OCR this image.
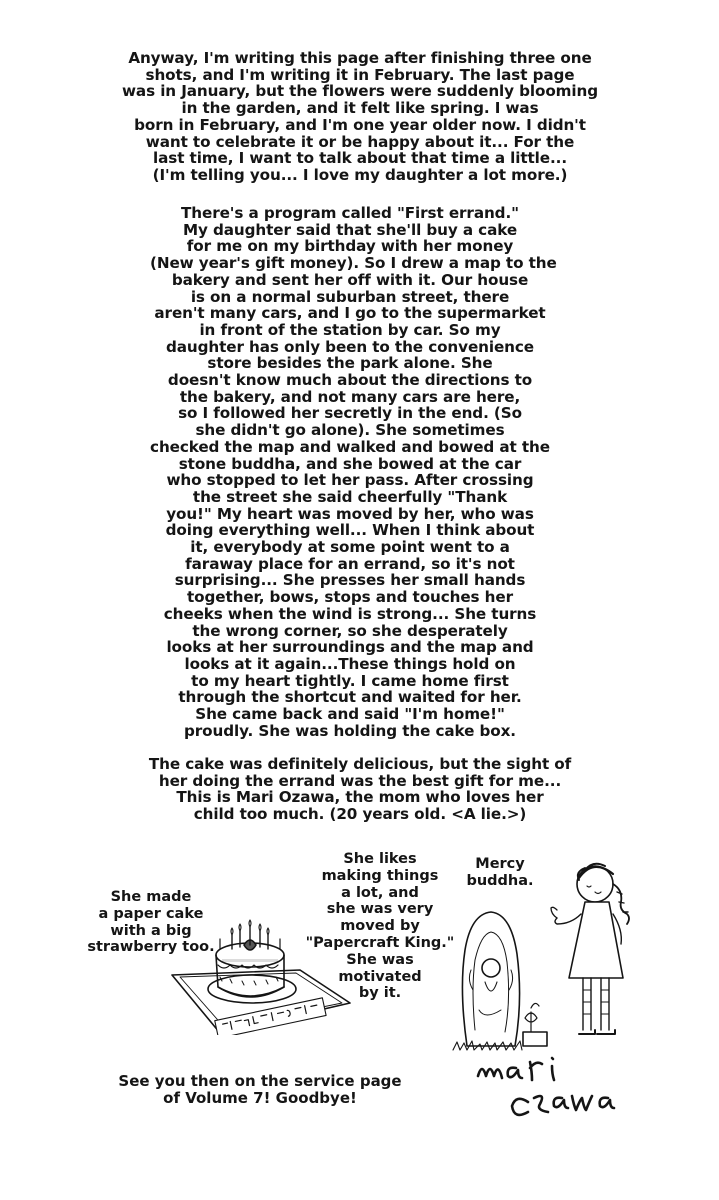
Anyway, I'm writing this page after finishing three one
shots, and I'm writing it in February. The last page
was in January, but the flowers were suddenly blooming
in the garden, and it felt like spring. I was
born in February, and I'm one year older now. I didn't
want to celebrate it or be happy about it... For the
last time, I want to talk about that time a little...
(I'm telling you... I love my daughter a lot more.)
There's a program called "First errand."
My daughter said that she'll buy a cake
for me on my birthday with her money
(New year's gift money). So I drew a map to the
bakery and sent her off with it. Our house
is on a normal suburban street, there
aren't many cars, and I go to the supermarket
in front of the station by car. So my
daughter has only been to the convenience
store besides the park alone. She
doesn't know much about the directions to
the bakery, and not many cars are here,
so I followed her secretly in the end. (So
she didn't go alone). She sometimes
checked the map and walked and bowed at the
stone buddha, and she bowed at the car
who stopped to let her pass. After crossing
the street she said cheerfully "Thank
you!" My heart was moved by her, who was
doing everything well... When I think about
it, everybody at some point went to a
faraway place for an errand, so it's not
surprising... She presses her small hands
together, bows, stops and touches her
cheeks when the wind is strong... She turns
the wrong corner, so she desperately
looks at her surroundings and the map and
looks at it again...These things hold on
to my heart tightly. I came home first
through the shortcut and waited for her.
She came back and said "I'm home!"
proudly. She was holding the cake box.
The cake was definitely delicious, but the sight of
her doing the errand was the best gift for me...
This is Mari Ozawa, the mom who loves her
child too much. (20 years old. <A lie.>)
She made
a paper cake
with a big
strawberry too.
She likes
making things
a lot, and
she was very
moved by
"Papercraft King."
She was
motivated
by it.
Mercy
buddha.
See you then on the service page
of Volume 7! Goodbye!
